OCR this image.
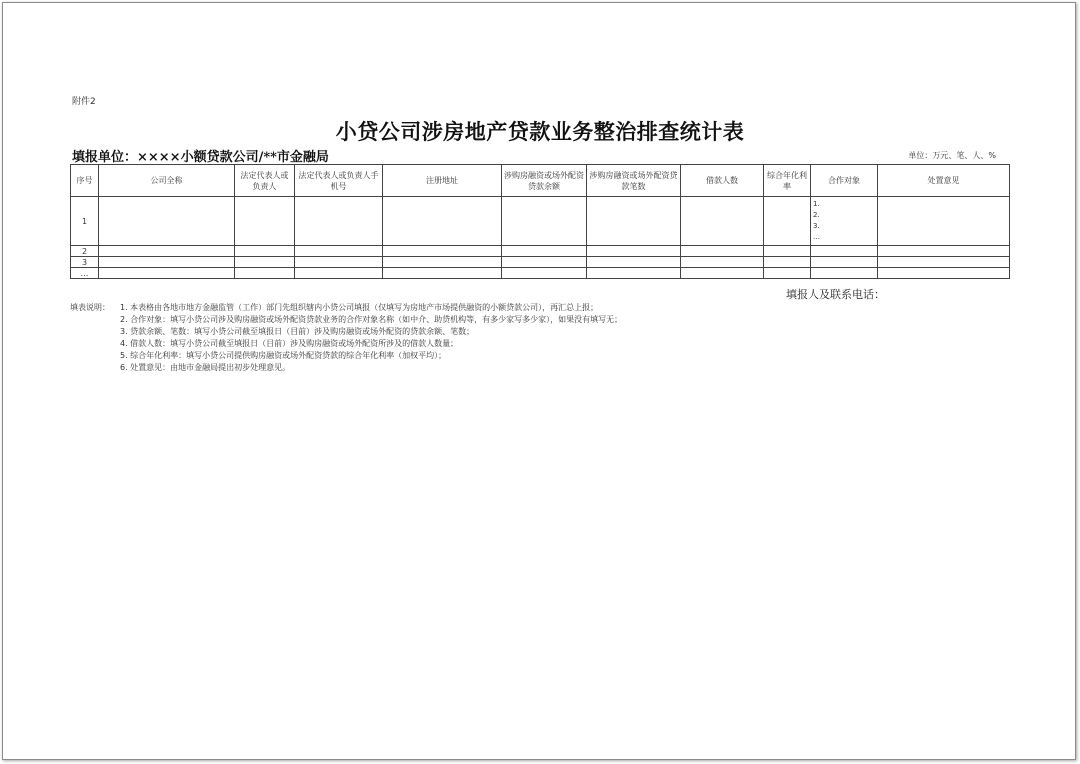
附件2
小贷公司涉房地产贷款业务整治排查统计表
填报单位：××××小额贷款公司/**市金融局	单位：万元、笔、人、%
序号	公司全称	法定代表人或负责人	法定代表人或负责人手机号	注册地址	涉购房融资或场外配资贷款余额	涉购房融资或场外配资贷款笔数	借款人数	综合年化利率	合作对象	处置意见
1									1.
2.
3.
…	

2										
3										
…										
填报人及联系电话：
填表说明： 1. 本表格由各地市地方金融监管（工作）部门先组织辖内小贷公司填报（仅填写为房地产市场提供融资的小额贷款公司），再汇总上报；
2. 合作对象：填写小贷公司涉及购房融资或场外配资贷款业务的合作对象名称（如中介、助贷机构等，有多少家写多少家），如果没有填写无；
3. 贷款余额、笔数：填写小贷公司截至填报日（目前）涉及购房融资或场外配资的贷款余额、笔数；
4. 借款人数：填写小贷公司截至填报日（目前）涉及购房融资或场外配资所涉及的借款人数量；
5. 综合年化利率：填写小贷公司提供购房融资或场外配资贷款的综合年化利率（加权平均）；
6. 处置意见：由地市金融局提出初步处理意见。
